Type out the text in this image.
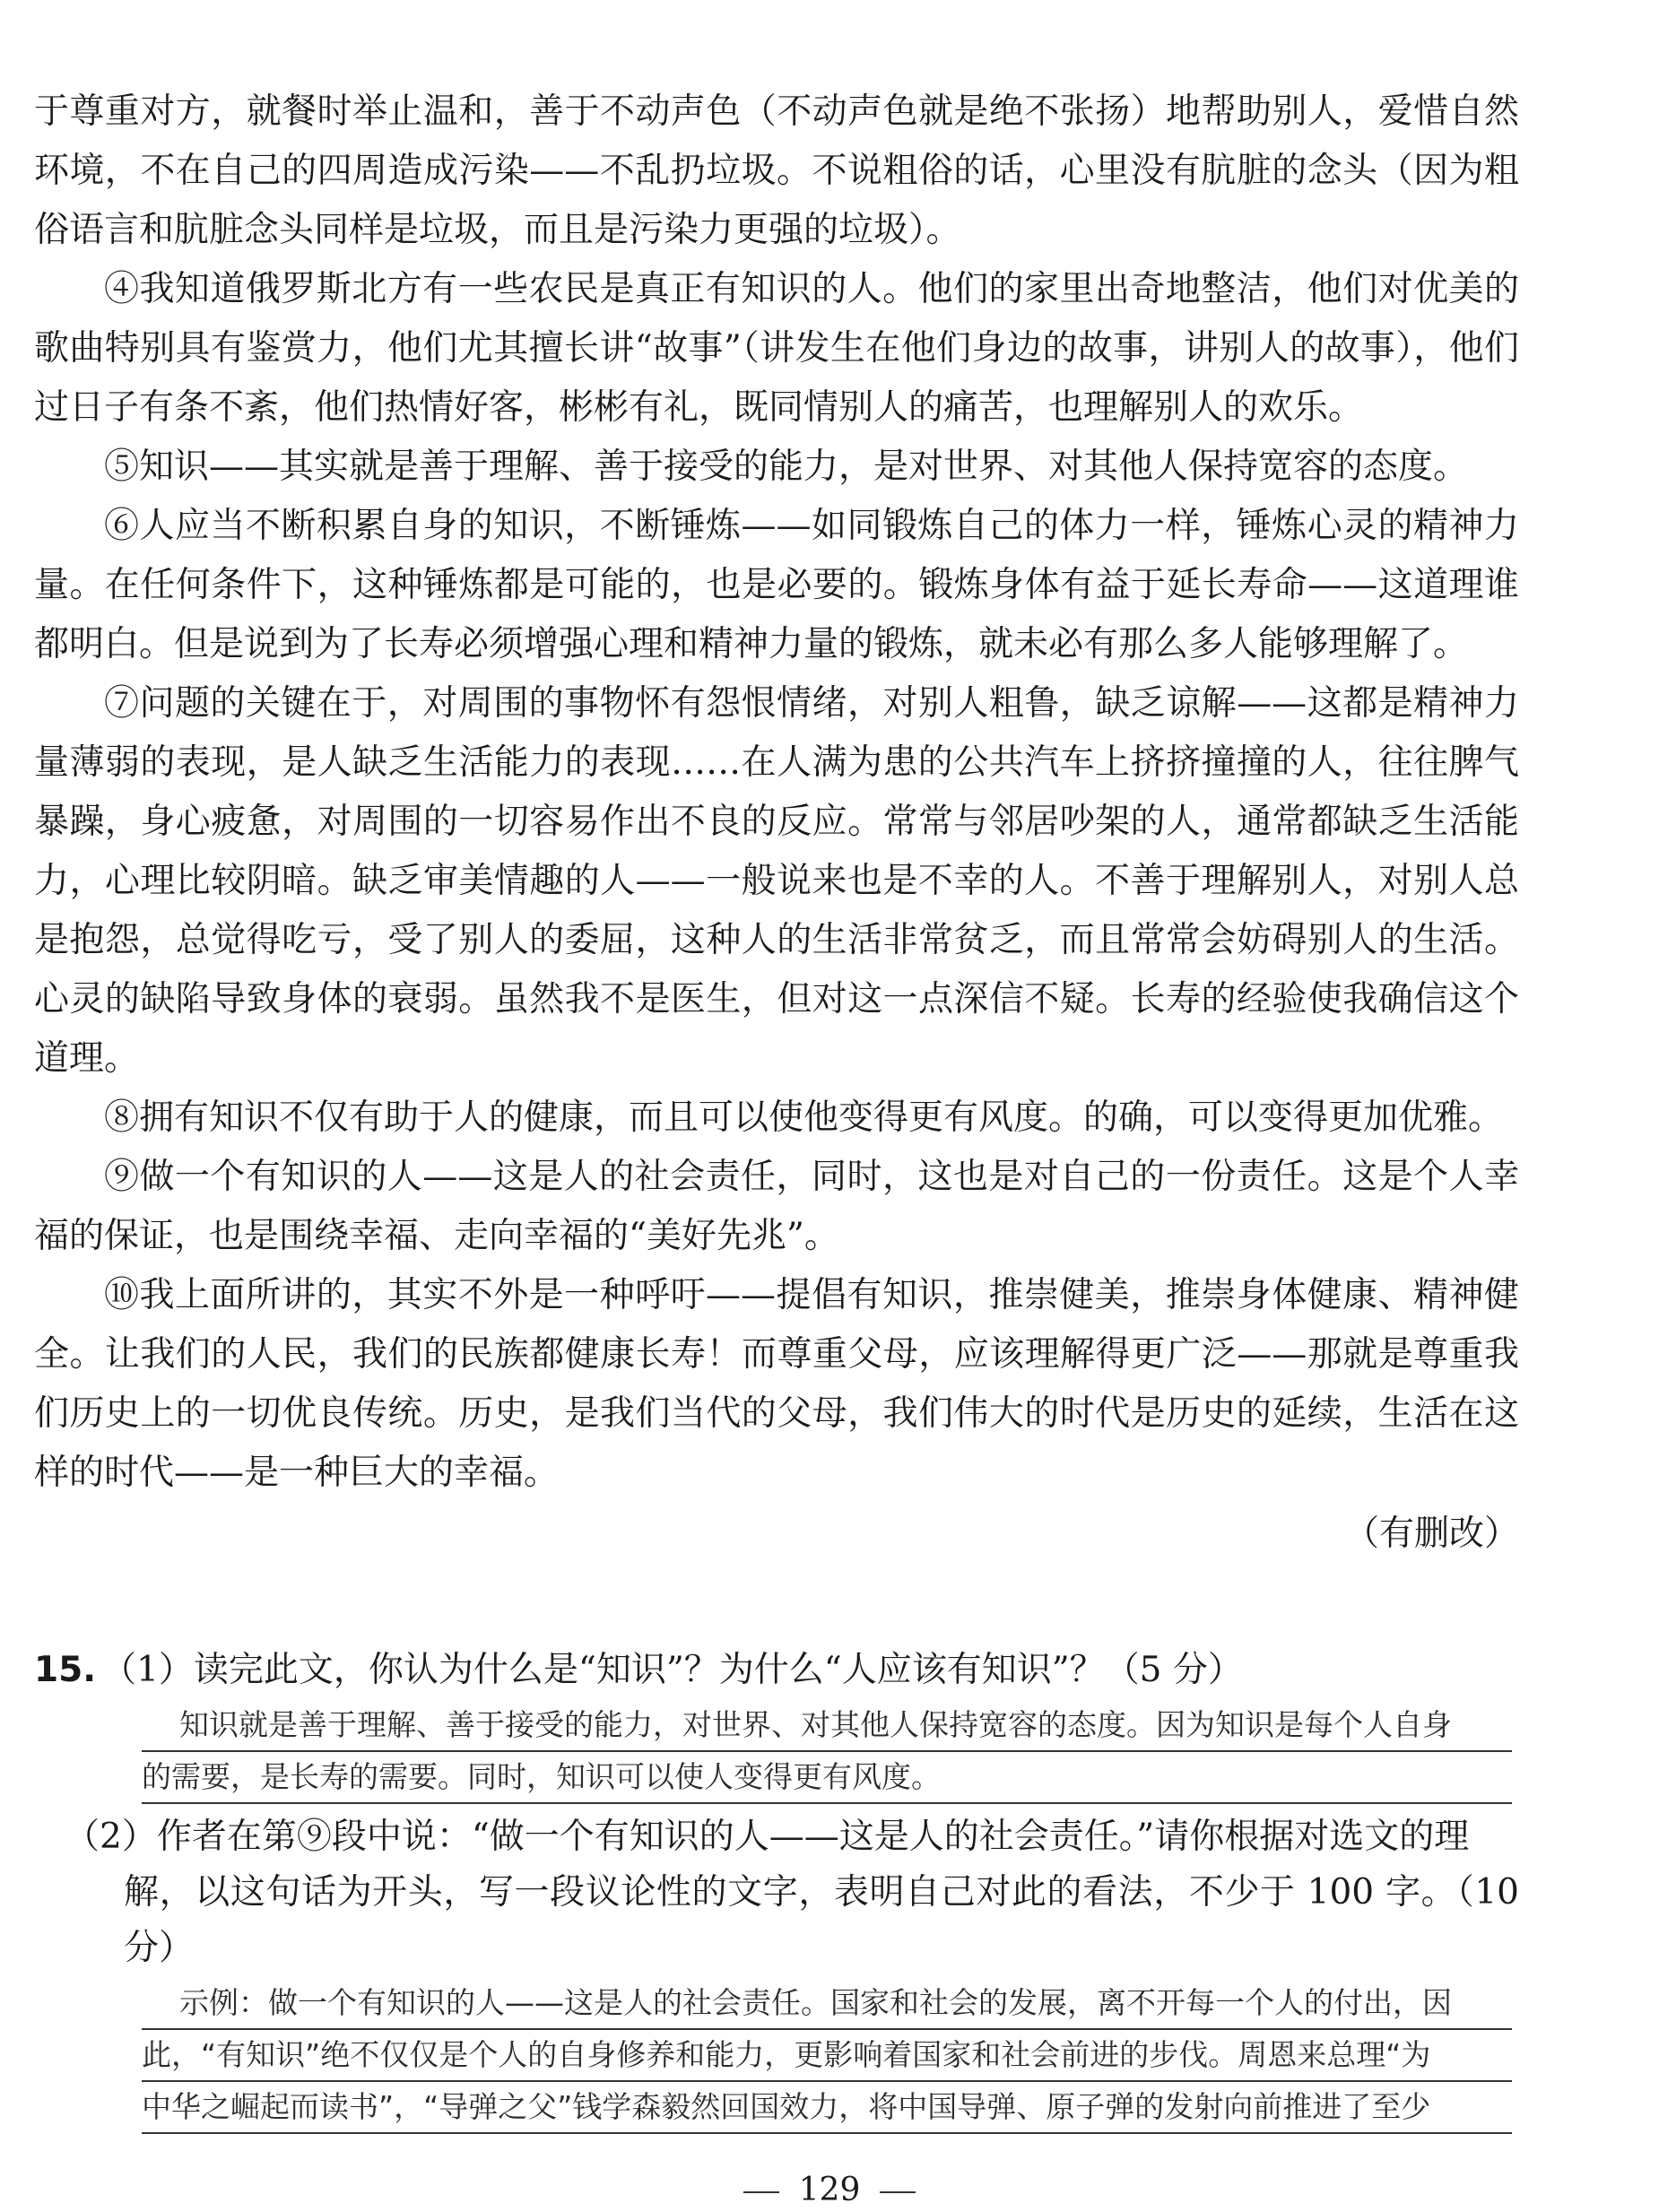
于尊重对方，就餐时举止温和，善于不动声色（不动声色就是绝不张扬）地帮助别人，爱惜自然环境，不在自己的四周造成污染——不乱扔垃圾。不说粗俗的话，心里没有肮脏的念头（因为粗俗语言和肮脏念头同样是垃圾，而且是污染力更强的垃圾）。

④我知道俄罗斯北方有一些农民是真正有知识的人。他们的家里出奇地整洁，他们对优美的歌曲特别具有鉴赏力，他们尤其擅长讲“故事”（讲发生在他们身边的故事，讲别人的故事），他们过日子有条不紊，他们热情好客，彬彬有礼，既同情别人的痛苦，也理解别人的欢乐。

⑤知识——其实就是善于理解、善于接受的能力，是对世界、对其他人保持宽容的态度。

⑥人应当不断积累自身的知识，不断锤炼——如同锻炼自己的体力一样，锤炼心灵的精神力量。在任何条件下，这种锤炼都是可能的，也是必要的。锻炼身体有益于延长寿命——这道理谁都明白。但是说到为了长寿必须增强心理和精神力量的锻炼，就未必有那么多人能够理解了。

⑦问题的关键在于，对周围的事物怀有怨恨情绪，对别人粗鲁，缺乏谅解——这都是精神力量薄弱的表现，是人缺乏生活能力的表现……在人满为患的公共汽车上挤挤撞撞的人，往往脾气暴躁，身心疲惫，对周围的一切容易作出不良的反应。常常与邻居吵架的人，通常都缺乏生活能力，心理比较阴暗。缺乏审美情趣的人——一般说来也是不幸的人。不善于理解别人，对别人总是抱怨，总觉得吃亏，受了别人的委屈，这种人的生活非常贫乏，而且常常会妨碍别人的生活。心灵的缺陷导致身体的衰弱。虽然我不是医生，但对这一点深信不疑。长寿的经验使我确信这个道理。

⑧拥有知识不仅有助于人的健康，而且可以使他变得更有风度。的确，可以变得更加优雅。

⑨做一个有知识的人——这是人的社会责任，同时，这也是对自己的一份责任。这是个人幸福的保证，也是围绕幸福、走向幸福的“美好先兆”。

⑩我上面所讲的，其实不外是一种呼吁——提倡有知识，推崇健美，推崇身体健康、精神健全。让我们的人民，我们的民族都健康长寿！而尊重父母，应该理解得更广泛——那就是尊重我们历史上的一切优良传统。历史，是我们当代的父母，我们伟大的时代是历史的延续，生活在这样的时代——是一种巨大的幸福。

（有删改）

15. （1）读完此文，你认为什么是“知识”？为什么“人应该有知识”？（5 分）

知识就是善于理解、善于接受的能力，对世界、对其他人保持宽容的态度。因为知识是每个人自身
的需要，是长寿的需要。同时，知识可以使人变得更有风度。

（2）作者在第⑨段中说：“做一个有知识的人——这是人的社会责任。”请你根据对选文的理

解，以这句话为开头，写一段议论性的文字，表明自己对此的看法，不少于 100 字。（10 分）

示例：做一个有知识的人——这是人的社会责任。国家和社会的发展，离不开每一个人的付出，因
此，“有知识”绝不仅仅是个人的自身修养和能力，更影响着国家和社会前进的步伐。周恩来总理“为
中华之崛起而读书”，“导弹之父”钱学森毅然回国效力，将中国导弹、原子弹的发射向前推进了至少
129
